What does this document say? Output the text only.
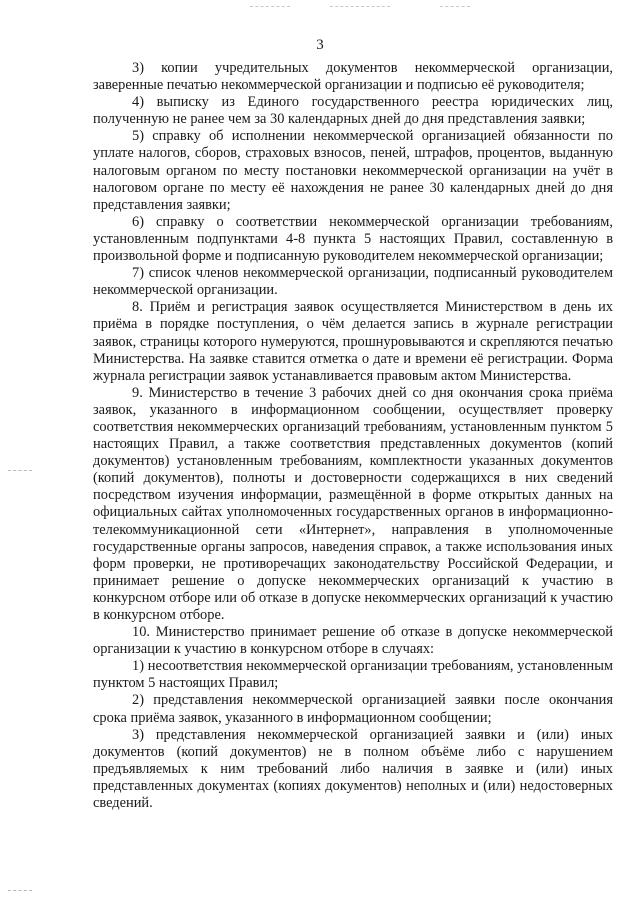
3

3) копии учредительных документов некоммерческой организации, заверенные печатью некоммерческой организации и подписью её руководителя;

4) выписку из Единого государственного реестра юридических лиц, полученную не ранее чем за 30 календарных дней до дня представления заявки;

5) справку об исполнении некоммерческой организацией обязанности по уплате налогов, сборов, страховых взносов, пеней, штрафов, процентов, выданную налоговым органом по месту постановки некоммерческой организации на учёт в налоговом органе по месту её нахождения не ранее 30 календарных дней до дня представления заявки;

6) справку о соответствии некоммерческой организации требованиям, установленным подпунктами 4-8 пункта 5 настоящих Правил, составленную в произвольной форме и подписанную руководителем некоммерческой организации;

7) список членов некоммерческой организации, подписанный руководителем некоммерческой организации.

8. Приём и регистрация заявок осуществляется Министерством в день их приёма в порядке поступления, о чём делается запись в журнале регистрации заявок, страницы которого нумеруются, прошнуровываются и скрепляются печатью Министерства. На заявке ставится отметка о дате и времени её регистрации. Форма журнала регистрации заявок устанавливается правовым актом Министерства.

9. Министерство в течение 3 рабочих дней со дня окончания срока приёма заявок, указанного в информационном сообщении, осуществляет проверку соответствия некоммерческих организаций требованиям, установленным пунктом 5 настоящих Правил, а также соответствия представленных документов (копий документов) установленным требованиям, комплектности указанных документов (копий документов), полноты и достоверности содержащихся в них сведений посредством изучения информации, размещённой в форме открытых данных на официальных сайтах уполномоченных государственных органов в информационно-телекоммуникационной сети «Интернет», направления в уполномоченные государственные органы запросов, наведения справок, а также использования иных форм проверки, не противоречащих законодательству Российской Федерации, и принимает решение о допуске некоммерческих организаций к участию в конкурсном отборе или об отказе в допуске некоммерческих организаций к участию в конкурсном отборе.

10. Министерство принимает решение об отказе в допуске некоммерческой организации к участию в конкурсном отборе в случаях:

1) несоответствия некоммерческой организации требованиям, установленным пунктом 5 настоящих Правил;

2) представления некоммерческой организацией заявки после окончания срока приёма заявок, указанного в информационном сообщении;

3) представления некоммерческой организацией заявки и (или) иных документов (копий документов) не в полном объёме либо с нарушением предъявляемых к ним требований либо наличия в заявке и (или) иных представленных документах (копиях документов) неполных и (или) недостоверных сведений.
